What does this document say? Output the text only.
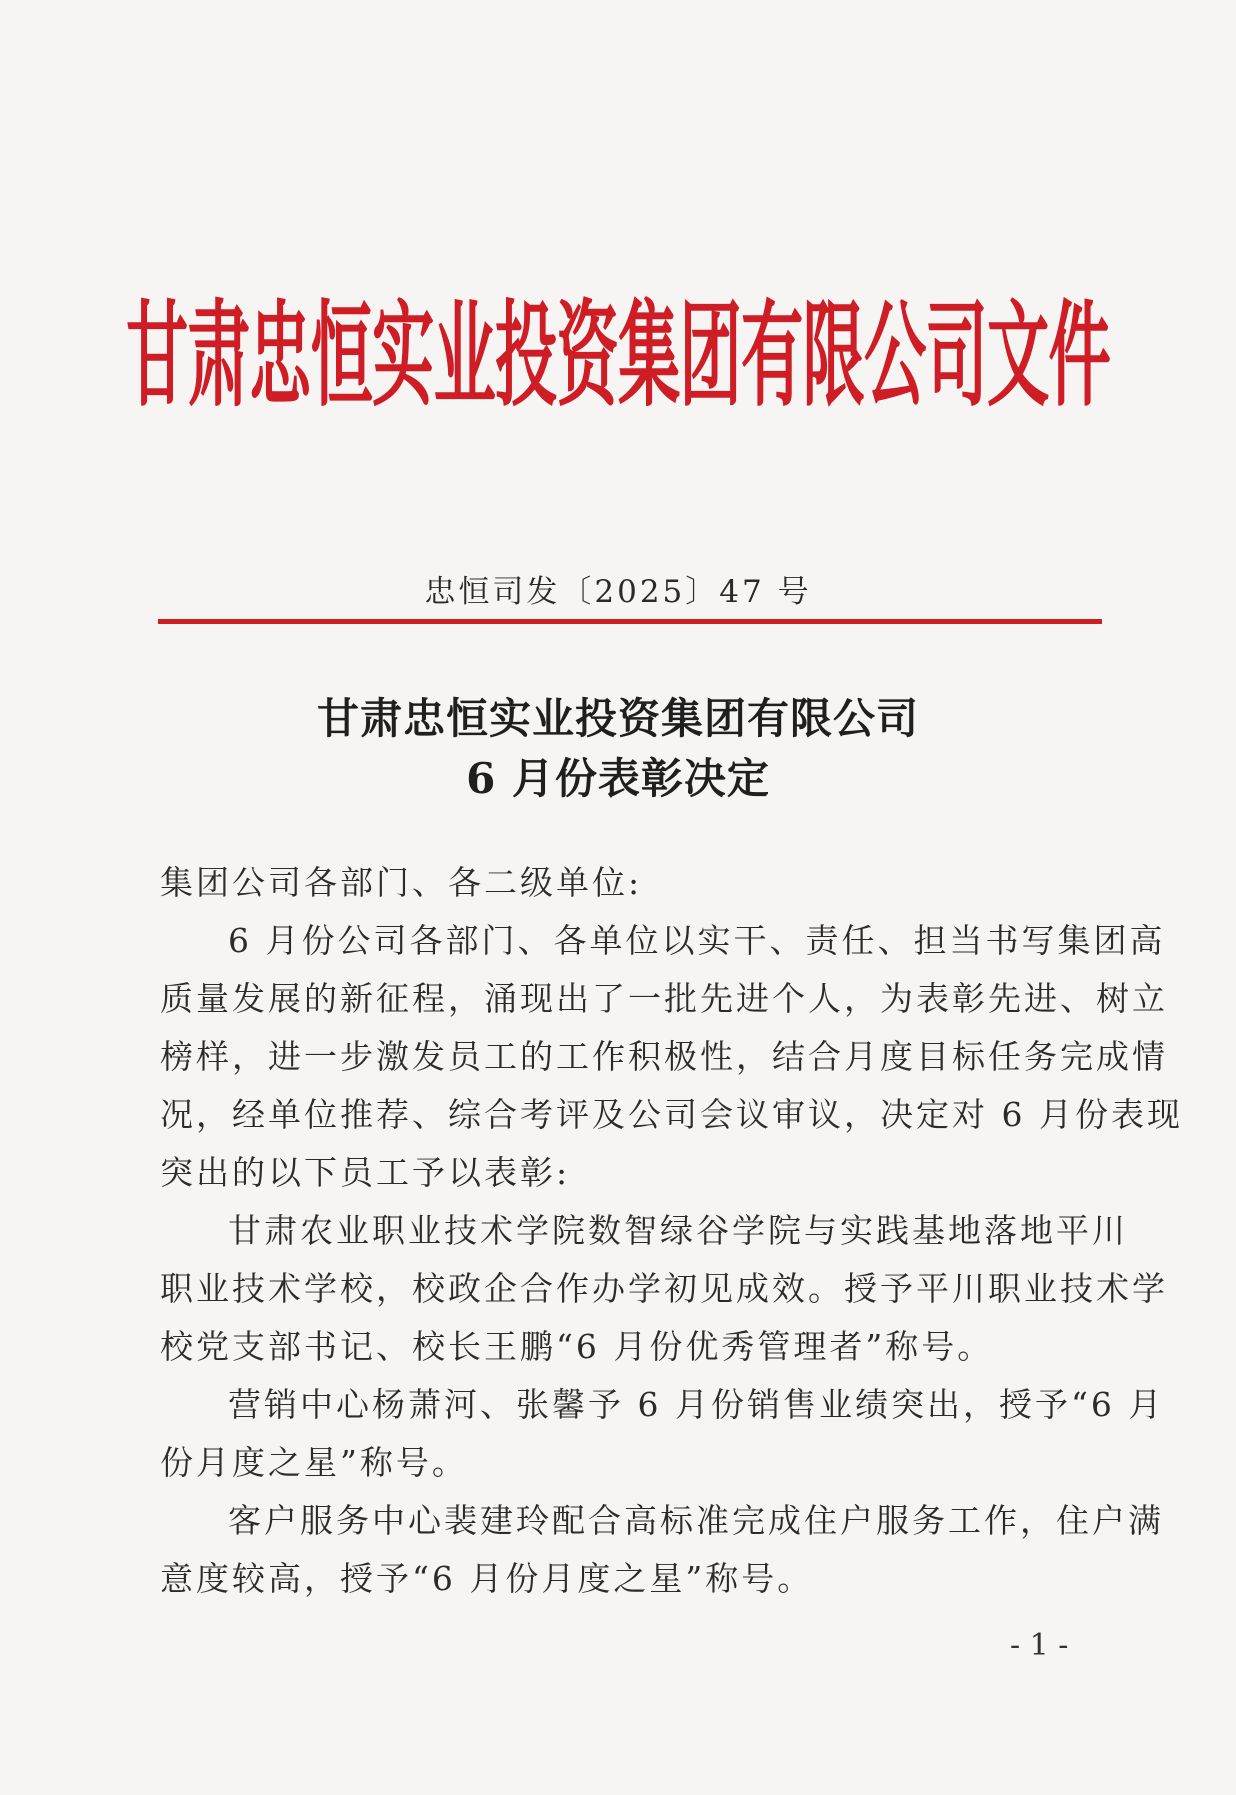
甘肃忠恒实业投资集团有限公司文件
忠恒司发〔2025〕47 号
甘肃忠恒实业投资集团有限公司
6 月份表彰决定
集团公司各部门、各二级单位:
6 月份公司各部门、各单位以实干、责任、担当书写集团高
质量发展的新征程，涌现出了一批先进个人，为表彰先进、树立
榜样，进一步激发员工的工作积极性，结合月度目标任务完成情
况，经单位推荐、综合考评及公司会议审议，决定对 6 月份表现
突出的以下员工予以表彰:
甘肃农业职业技术学院数智绿谷学院与实践基地落地平川
职业技术学校，校政企合作办学初见成效。授予平川职业技术学
校党支部书记、校长王鹏“6 月份优秀管理者”称号。
营销中心杨萧河、张馨予 6 月份销售业绩突出，授予“6 月
份月度之星”称号。
客户服务中心裴建玲配合高标准完成住户服务工作，住户满
意度较高，授予“6 月份月度之星”称号。
- 1 -
